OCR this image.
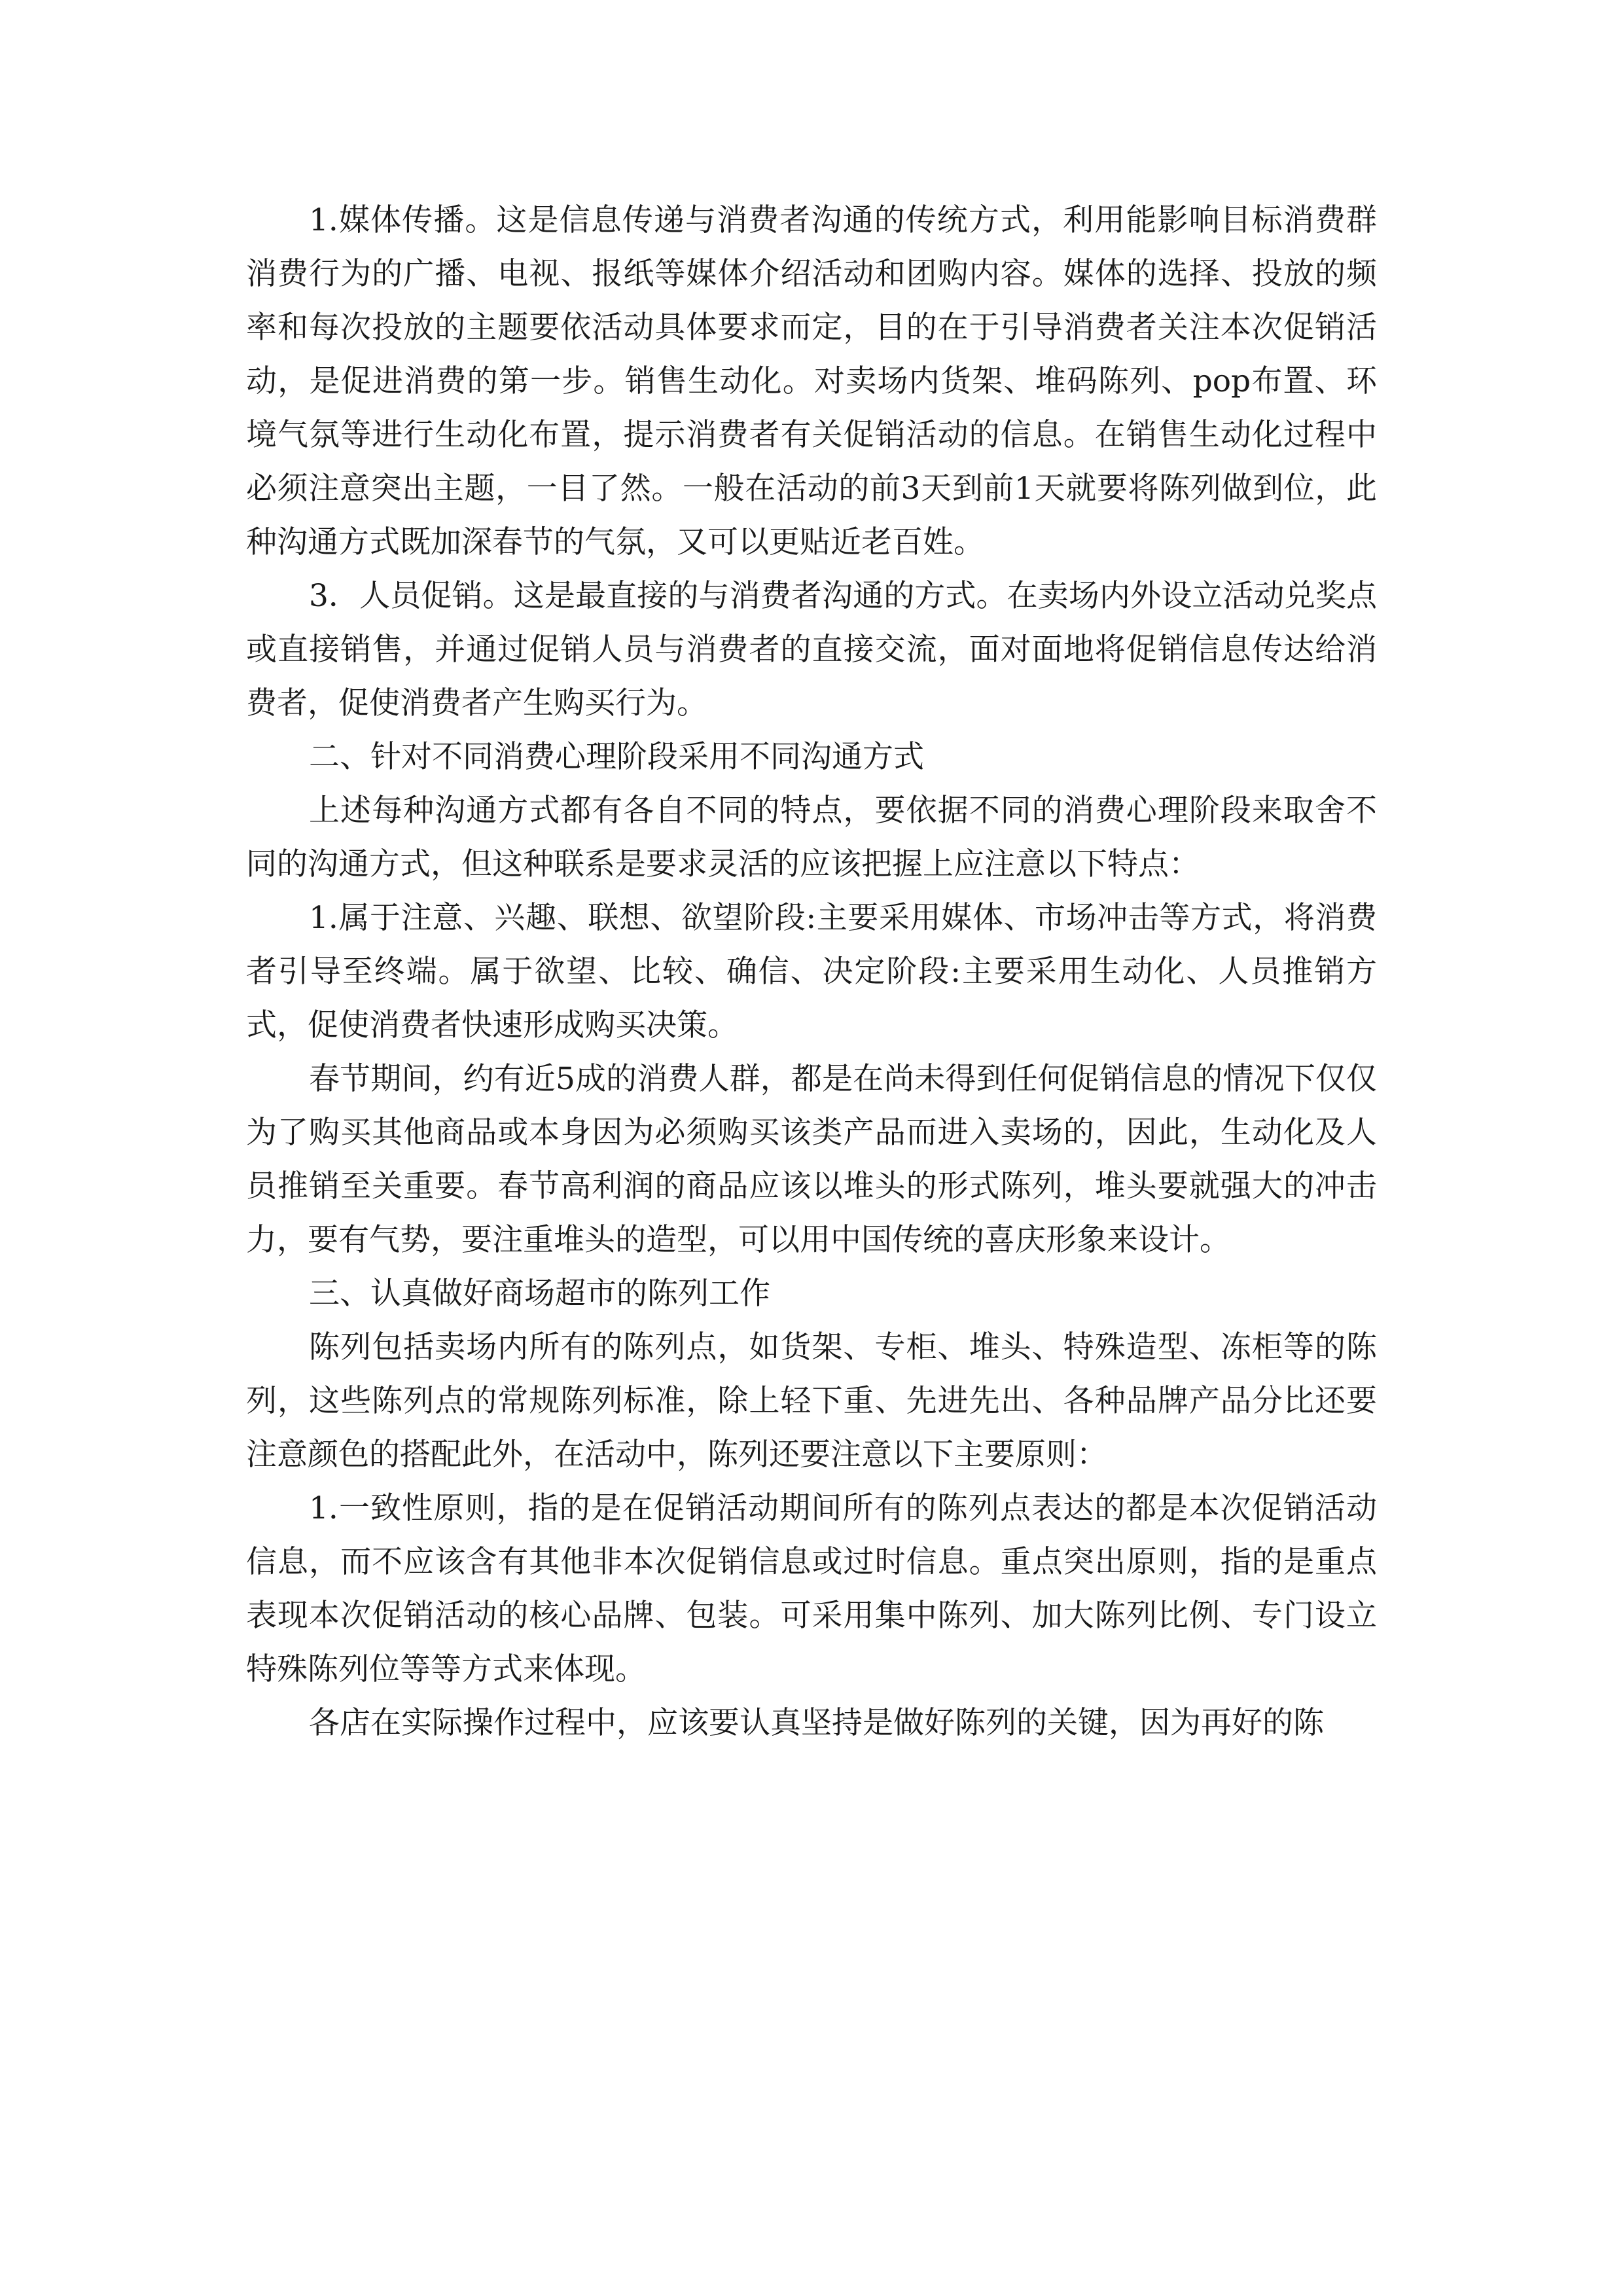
1.媒体传播。这是信息传递与消费者沟通的传统方式，利用能影响目标消费群消费行为的广播、电视、报纸等媒体介绍活动和团购内容。媒体的选择、投放的频率和每次投放的主题要依活动具体要求而定，目的在于引导消费者关注本次促销活动，是促进消费的第一步。销售生动化。对卖场内货架、堆码陈列、pop布置、环境气氛等进行生动化布置，提示消费者有关促销活动的信息。在销售生动化过程中必须注意突出主题，一目了然。一般在活动的前3天到前1天就要将陈列做到位，此种沟通方式既加深春节的气氛，又可以更贴近老百姓。

3．人员促销。这是最直接的与消费者沟通的方式。在卖场内外设立活动兑奖点或直接销售，并通过促销人员与消费者的直接交流，面对面地将促销信息传达给消费者，促使消费者产生购买行为。

二、针对不同消费心理阶段采用不同沟通方式

上述每种沟通方式都有各自不同的特点，要依据不同的消费心理阶段来取舍不同的沟通方式，但这种联系是要求灵活的应该把握上应注意以下特点：

1.属于注意、兴趣、联想、欲望阶段:主要采用媒体、市场冲击等方式，将消费者引导至终端。属于欲望、比较、确信、决定阶段:主要采用生动化、人员推销方式，促使消费者快速形成购买决策。

春节期间，约有近5成的消费人群，都是在尚未得到任何促销信息的情况下仅仅为了购买其他商品或本身因为必须购买该类产品而进入卖场的，因此，生动化及人员推销至关重要。春节高利润的商品应该以堆头的形式陈列，堆头要就强大的冲击力，要有气势，要注重堆头的造型，可以用中国传统的喜庆形象来设计。

三、认真做好商场超市的陈列工作

陈列包括卖场内所有的陈列点，如货架、专柜、堆头、特殊造型、冻柜等的陈列，这些陈列点的常规陈列标准，除上轻下重、先进先出、各种品牌产品分比还要注意颜色的搭配此外，在活动中，陈列还要注意以下主要原则：

1.一致性原则，指的是在促销活动期间所有的陈列点表达的都是本次促销活动信息，而不应该含有其他非本次促销信息或过时信息。重点突出原则，指的是重点表现本次促销活动的核心品牌、包装。可采用集中陈列、加大陈列比例、专门设立特殊陈列位等等方式来体现。

各店在实际操作过程中，应该要认真坚持是做好陈列的关键，因为再好的陈
